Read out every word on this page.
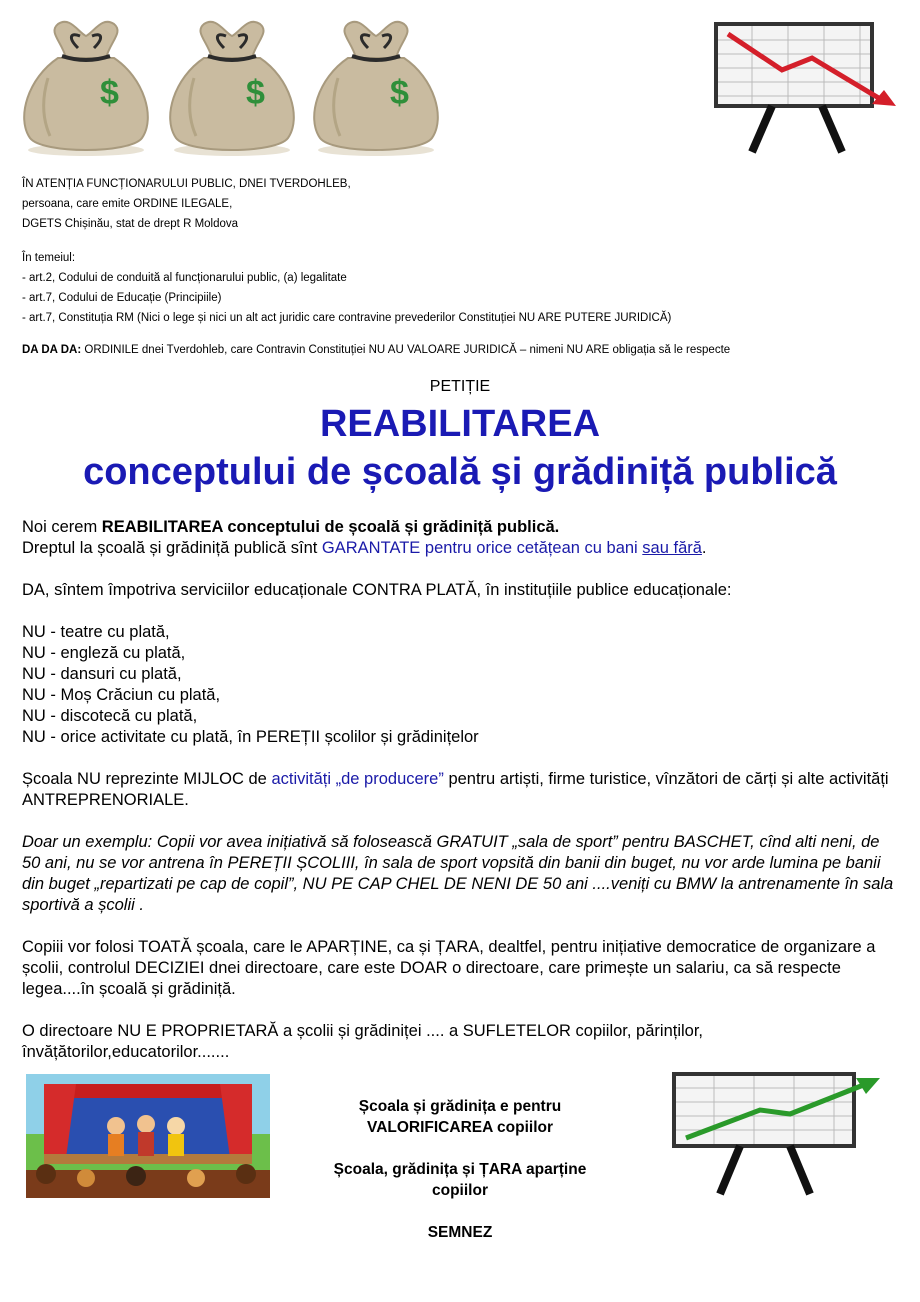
$	$	$
ÎN ATENȚIA FUNCȚIONARULUI PUBLIC, DNEI TVERDOHLEB,
persoana, care emite ORDINE ILEGALE,
DGETS Chișinău, stat de drept R Moldova
În temeiul:
- art.2, Codului de conduită al funcționarului public, (a) legalitate
- art.7, Codului de Educație (Principiile)
- art.7, Constituția RM (Nici o lege și nici un alt act juridic care contravine prevederilor Constituției NU ARE PUTERE JURIDICĂ)
DA DA DA: ORDINILE dnei Tverdohleb, care Contravin Constituției NU AU VALOARE JURIDICĂ – nimeni NU ARE obligația să le respecte
PETIȚIE
REABILITAREA
conceptului de școală și grădiniță publică
Noi cerem REABILITAREA conceptului de școală și grădiniță publică.
Dreptul la școală și grădiniță publică sînt GARANTATE pentru orice cetățean cu bani sau fără.
DA, sîntem împotriva serviciilor educaționale CONTRA PLATĂ, în instituțiile publice educaționale:
NU - teatre cu plată,
NU - engleză cu plată,
NU - dansuri cu plată,
NU - Moș Crăciun cu plată,
NU - discotecă cu plată,
NU - orice activitate cu plată, în PEREȚII școlilor și grădinițelor
Școala NU reprezinte MIJLOC de activități „de producere” pentru artiști, firme turistice, vînzători de cărți și alte activități ANTREPRENORIALE.
Doar un exemplu: Copii vor avea inițiativă să folosească GRATUIT „sala de sport” pentru BASCHET, cînd alti neni, de 50 ani, nu se vor antrena în PEREȚII ȘCOLIII, în sala de sport vopsită din banii din buget, nu vor arde lumina pe banii din buget „repartizati pe cap de copil”, NU PE CAP CHEL DE NENI DE 50 ani ....veniți cu BMW la antrenamente în sala sportivă a școlii .
Copiii vor folosi TOATĂ școala, care le APARȚINE, ca și ȚARA, dealtfel, pentru inițiative democratice de organizare a școlii, controlul DECIZIEI dnei directoare, care este DOAR o directoare, care primește un salariu, ca să respecte legea....în școală și grădiniță.
O directoare NU E PROPRIETARĂ a școlii și grădiniței .... a SUFLETELOR copiilor, părinților, învățătorilor,educatorilor.......
Școala și grădinița e pentru
VALORIFICAREA copiilor
Școala, grădinița și ȚARA aparține
copiilor
SEMNEZ
